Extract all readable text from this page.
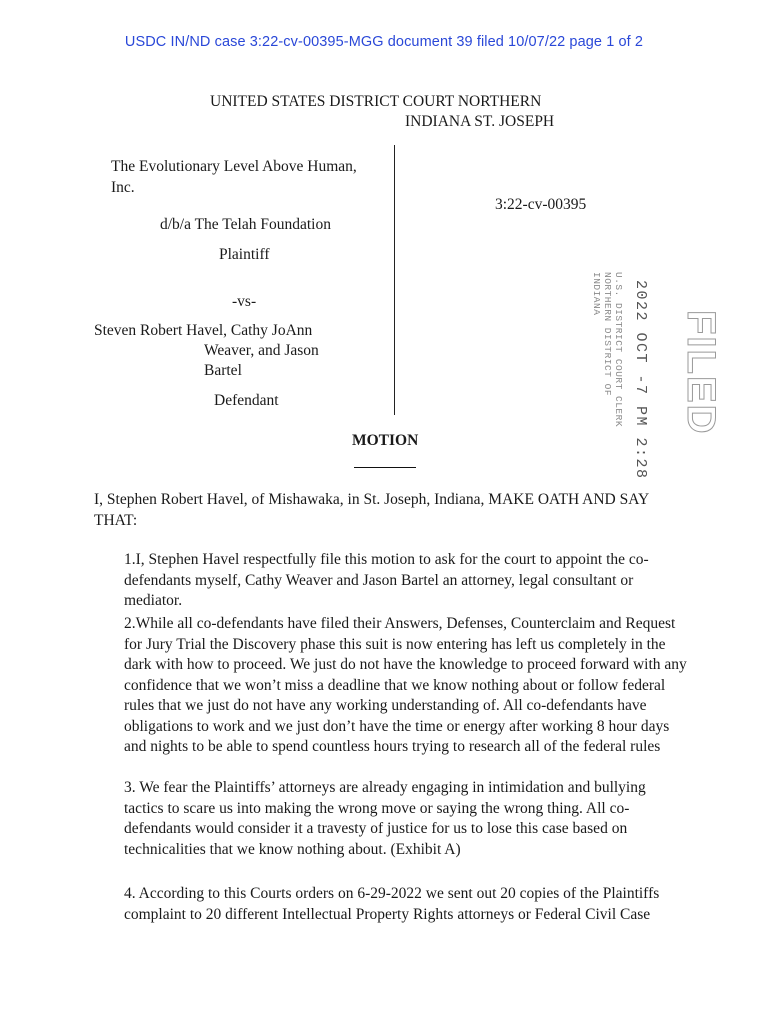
USDC IN/ND case 3:22-cv-00395-MGG document 39 filed 10/07/22 page 1 of 2
UNITED STATES DISTRICT COURT NORTHERN
INDIANA ST. JOSEPH
The Evolutionary Level Above Human,
Inc.
d/b/a The Telah Foundation
Plaintiff
-vs-
Steven Robert Havel, Cathy JoAnn
Weaver, and Jason
Bartel
Defendant
3:22-cv-00395
U.S. DISTRICT COURT CLERK NORTHERN DISTRICT OF INDIANA	2022 OCT -7 PM 2:28 FILED
MOTION
I, Stephen Robert Havel, of Mishawaka, in St. Joseph, Indiana, MAKE OATH AND SAY THAT:
1.I, Stephen Havel respectfully file this motion to ask for the court to appoint the co-defendants myself, Cathy Weaver and Jason Bartel an attorney, legal consultant or mediator.
2.While all co-defendants have filed their Answers, Defenses, Counterclaim and Request for Jury Trial the Discovery phase this suit is now entering has left us completely in the dark with how to proceed. We just do not have the knowledge to proceed forward with any confidence that we won’t miss a deadline that we know nothing about or follow federal rules that we just do not have any working understanding of. All co-defendants have obligations to work and we just don’t have the time or energy after working 8 hour days and nights to be able to spend countless hours trying to research all of the federal rules
3. We fear the Plaintiffs’ attorneys are already engaging in intimidation and bullying tactics to scare us into making the wrong move or saying the wrong thing. All co-defendants would consider it a travesty of justice for us to lose this case based on technicalities that we know nothing about. (Exhibit A)
4. According to this Courts orders on 6-29-2022 we sent out 20 copies of the Plaintiffs complaint to 20 different Intellectual Property Rights attorneys or Federal Civil Case
